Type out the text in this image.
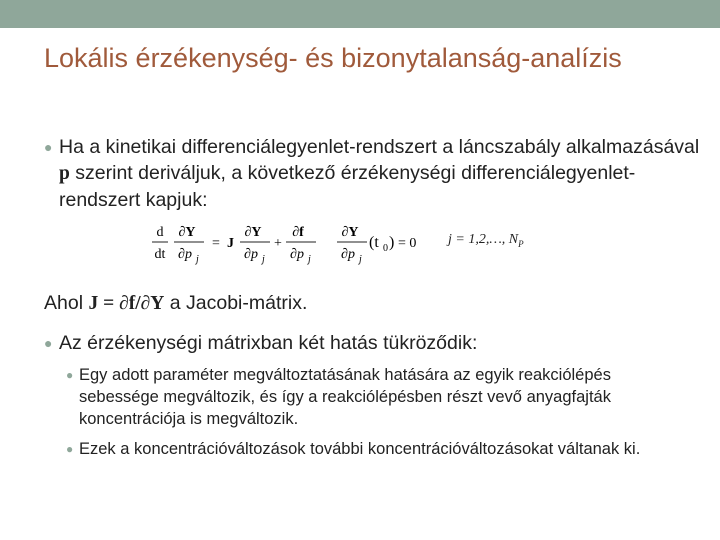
Lokális érzékenység- és bizonytalanság-analízis
● Ha a kinetikai differenciálegyenlet-rendszert a láncszabály alkalmazásával p szerint deriváljuk, a következő érzékenységi differenciálegyenlet-rendszert kapjuk:
d
dt
∂Y
∂p j
= J
∂Y
∂p j
+
∂f
∂p j
∂Y
∂p j
(t 0 ) = 0 j = 1,2,…, $N_P$
Ahol J = ∂f/∂Y a Jacobi-mátrix.
● Az érzékenységi mátrixban két hatás tükröződik:
● Egy adott paraméter megváltoztatásának hatására az egyik reakciólépés sebessége megváltozik, és így a reakciólépésben részt vevő anyagfajták koncentrációja is megváltozik.
● Ezek a koncentrációváltozások további koncentrációváltozásokat váltanak ki.
